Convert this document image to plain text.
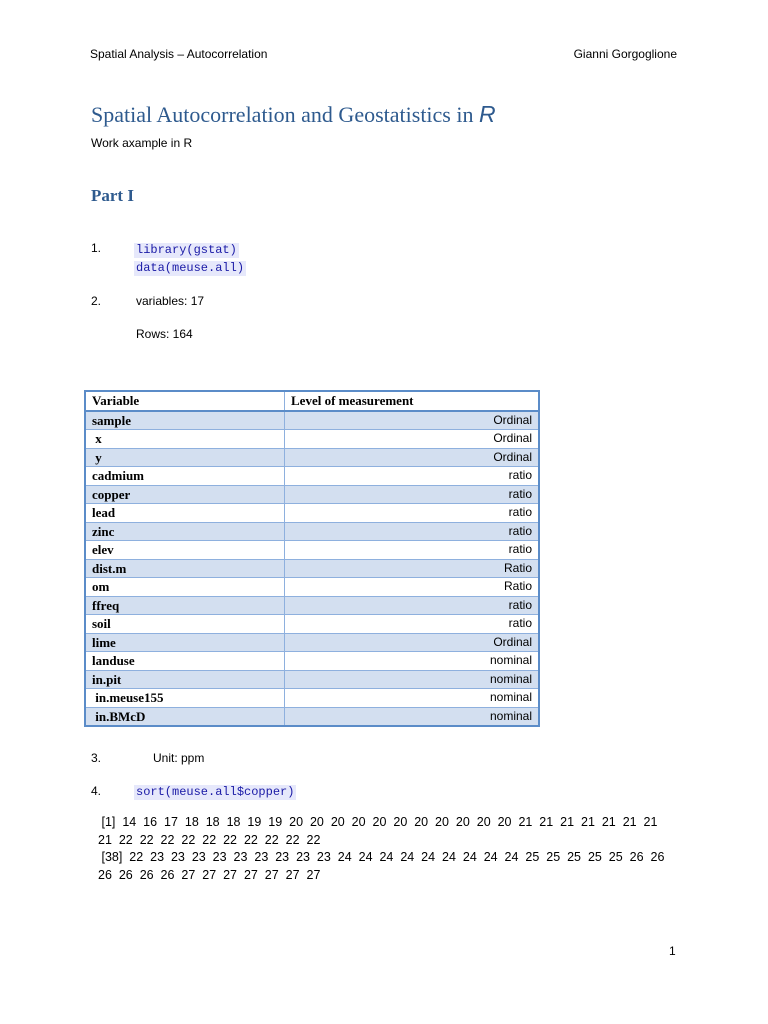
Spatial Analysis – Autocorrelation	Gianni Gorgoglione
Spatial Autocorrelation and Geostatistics in R
Work axample in R
Part I
1.	library(gstat)
data(meuse.all)
2.	variables: 17
Rows: 164
Variable	Level of measurement
sample	Ordinal
x	Ordinal
y	Ordinal
cadmium	ratio
copper	ratio
lead	ratio
zinc	ratio
elev	ratio
dist.m	Ratio
om	Ratio
ffreq	ratio
soil	ratio
lime	Ordinal
landuse	nominal
in.pit	nominal
in.meuse155	nominal
in.BMcD	nominal
3.	Unit: ppm
4.	sort(meuse.all$copper)
[1]  14  16  17  18  18  18  19  19  20  20  20  20  20  20  20  20  20  20  20  21  21  21  21  21  21  21
21  22  22  22  22  22  22  22  22  22  22
[38]  22  23  23  23  23  23  23  23  23  23  24  24  24  24  24  24  24  24  24  25  25  25  25  25  26  26
26  26  26  26  27  27  27  27  27  27  27
1
